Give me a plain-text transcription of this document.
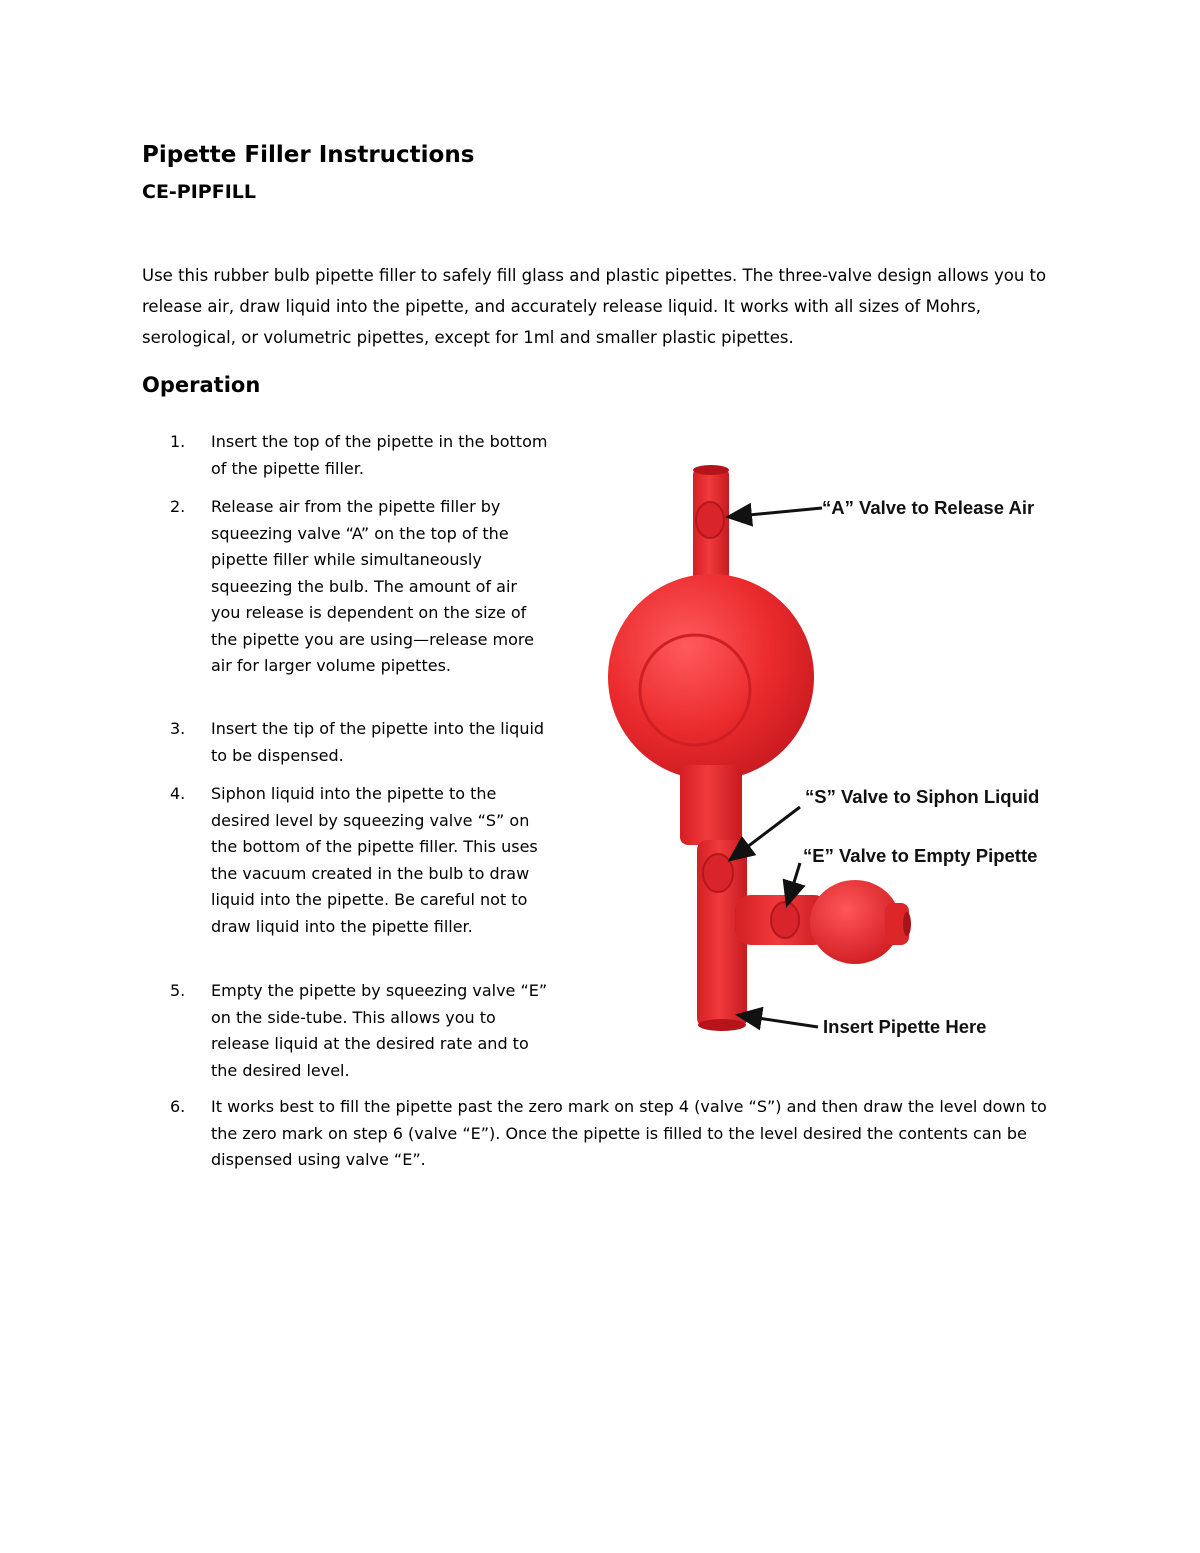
Pipette Filler Instructions
CE-PIPFILL

Use this rubber bulb pipette filler to safely fill glass and plastic pipettes. The three-valve design allows you to release air, draw liquid into the pipette, and accurately release liquid. It works with all sizes of Mohrs, serological, or volumetric pipettes, except for 1ml and smaller plastic pipettes.

Operation
1.	Insert the top of the pipette in the bottom of the pipette filler.
2.	Release air from the pipette filler by squeezing valve “A” on the top of the pipette filler while simultaneously squeezing the bulb. The amount of air you release is dependent on the size of the pipette you are using—release more air for larger volume pipettes.
3.	Insert the tip of the pipette into the liquid to be dispensed.
4.	Siphon liquid into the pipette to the desired level by squeezing valve “S” on the bottom of the pipette filler. This uses the vacuum created in the bulb to draw liquid into the pipette. Be careful not to draw liquid into the pipette filler.
5.	Empty the pipette by squeezing valve “E” on the side-tube. This allows you to release liquid at the desired rate and to the desired level.
6.	It works best to fill the pipette past the zero mark on step 4 (valve “S”) and then draw the level down to the zero mark on step 6 (valve “E”). Once the pipette is filled to the level desired the contents can be dispensed using valve “E”.
“A” Valve to Release Air
“S” Valve to Siphon Liquid
“E” Valve to Empty Pipette
Insert Pipette Here
